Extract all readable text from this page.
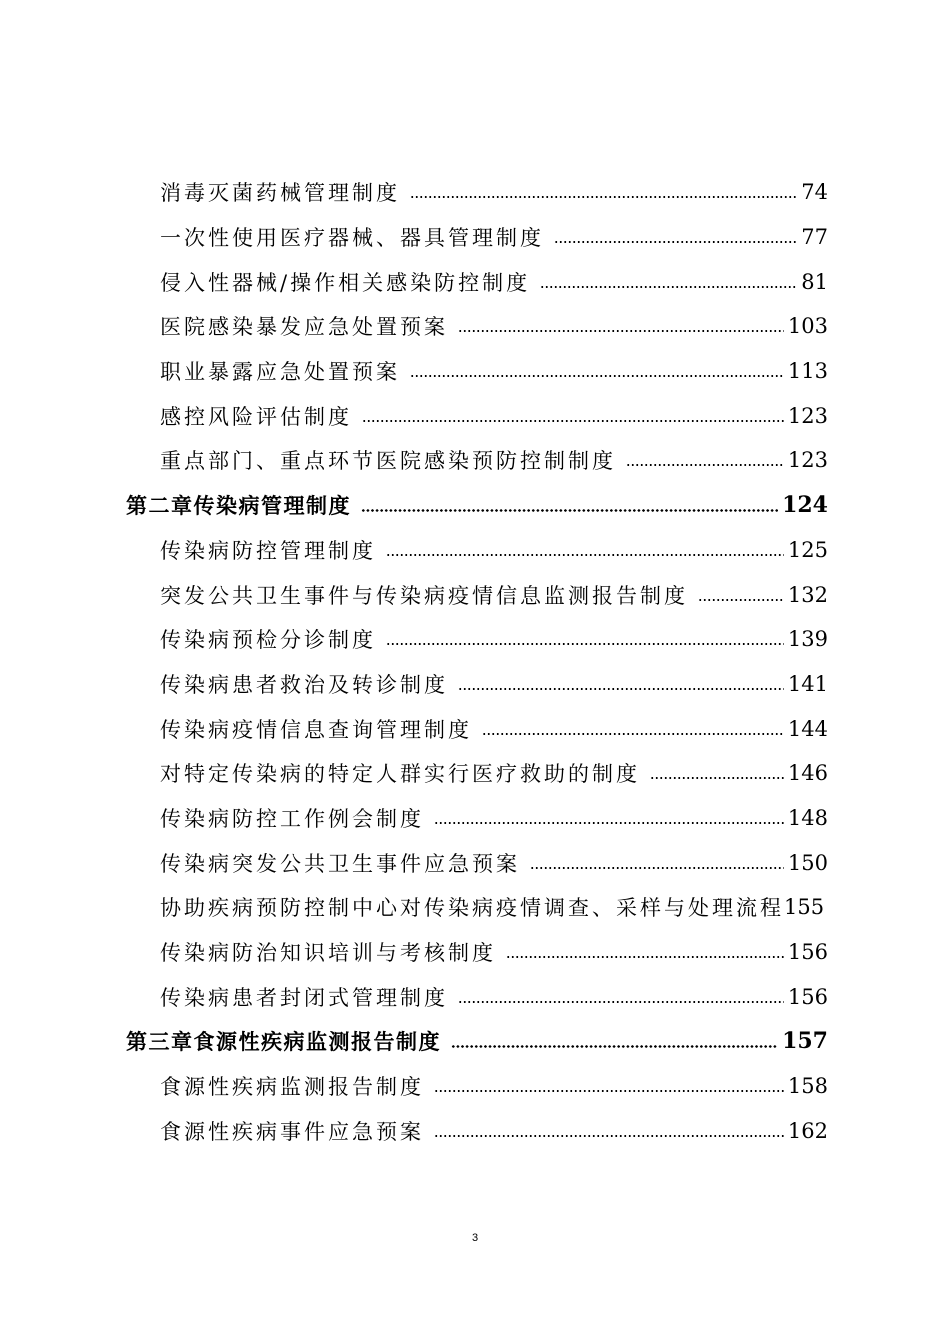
消毒灭菌药械管理制度	74
一次性使用医疗器械、器具管理制度	77
侵入性器械/操作相关感染防控制度	81
医院感染暴发应急处置预案	103
职业暴露应急处置预案	113
感控风险评估制度	123
重点部门、重点环节医院感染预防控制制度	123
第二章传染病管理制度	124
传染病防控管理制度	125
突发公共卫生事件与传染病疫情信息监测报告制度	132
传染病预检分诊制度	139
传染病患者救治及转诊制度	141
传染病疫情信息查询管理制度	144
对特定传染病的特定人群实行医疗救助的制度	146
传染病防控工作例会制度	148
传染病突发公共卫生事件应急预案	150
协助疾病预防控制中心对传染病疫情调查、采样与处理流程 155
传染病防治知识培训与考核制度	156
传染病患者封闭式管理制度	156
第三章食源性疾病监测报告制度	157
食源性疾病监测报告制度	158
食源性疾病事件应急预案	162
3
